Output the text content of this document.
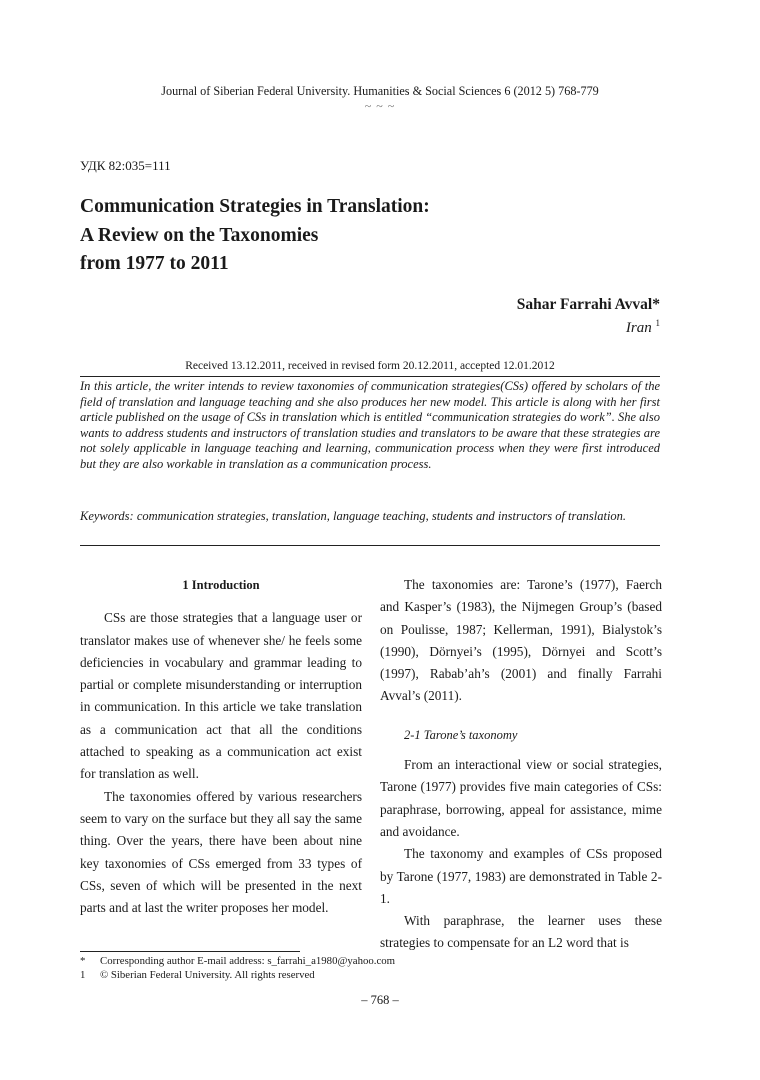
Journal of Siberian Federal University. Humanities & Social Sciences 6 (2012 5) 768-779
~ ~ ~
УДК 82:035=111
Communication Strategies in Translation:
A Review on the Taxonomies
from 1977 to 2011
Sahar Farrahi Avval*
Iran $^1$
Received 13.12.2011, received in revised form 20.12.2011, accepted 12.01.2012
In this article, the writer intends to review taxonomies of communication strategies(CSs) offered by scholars of the field of translation and language teaching and she also produces her new model. This article is along with her first article published on the usage of CSs in translation which is entitled “communication strategies do work”. She also wants to address students and instructors of translation studies and translators to be aware that these strategies are not solely applicable in language teaching and learning, communication process when they were first introduced but they are also workable in translation as a communication process.
Keywords: communication strategies, translation, language teaching, students and instructors of translation.

1 Introduction

CSs are those strategies that a language user or translator makes use of whenever she/ he feels some deficiencies in vocabulary and grammar leading to partial or complete misunderstanding or interruption in communication. In this article we take translation as a communication act that all the conditions attached to speaking as a communication act exist for translation as well.

The taxonomies offered by various researchers seem to vary on the surface but they all say the same thing. Over the years, there have been about nine key taxonomies of CSs emerged from 33 types of CSs, seven of which will be presented in the next parts and at last the writer proposes her model.

The taxonomies are: Tarone’s (1977), Faerch and Kasper’s (1983), the Nijmegen Group’s (based on Poulisse, 1987; Kellerman, 1991), Bialystok’s (1990), Dörnyei’s (1995), Dörnyei and Scott’s (1997), Rabab’ah’s (2001) and finally Farrahi Avval’s (2011).

2-1 Tarone’s taxonomy

From an interactional view or social strategies, Tarone (1977) provides five main categories of CSs: paraphrase, borrowing, appeal for assistance, mime and avoidance.

The taxonomy and examples of CSs proposed by Tarone (1977, 1983) are demonstrated in Table 2-1.

With paraphrase, the learner uses these strategies to compensate for an L2 word that is

* Corresponding author E-mail address: s_farrahi_a1980@yahoo.com
1 © Siberian Federal University. All rights reserved
– 768 –
